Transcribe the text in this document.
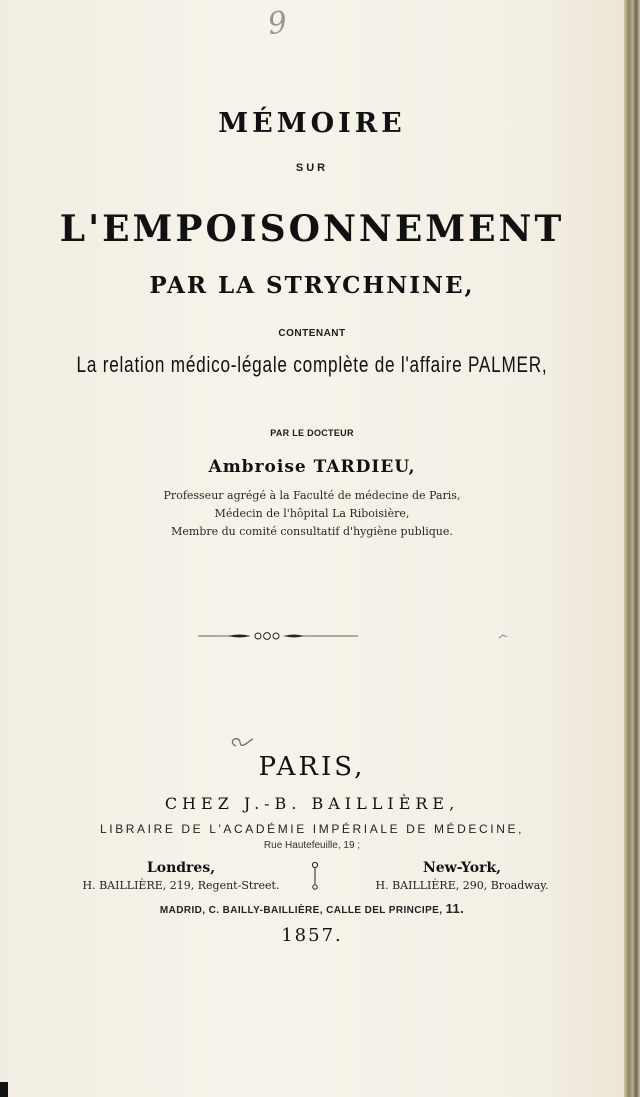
9
MÉMOIRE
SUR
L'EMPOISONNEMENT
PAR LA STRYCHNINE,
CONTENANT
La relation médico-légale complète de l'affaire PALMER,
PAR LE DOCTEUR
Ambroise TARDIEU,
Professeur agrégé à la Faculté de médecine de Paris,
Médecin de l'hôpital La Riboisière,
Membre du comité consultatif d'hygiène publique.
PARIS,
CHEZ J.-B. BAILLIÈRE,
LIBRAIRE DE L'ACADÉMIE IMPÉRIALE DE MÉDECINE,
Rue Hautefeuille, 19 ;
Londres,
H. BAILLIÈRE, 219, Regent-Street.
New-York,
H. BAILLIÈRE, 290, Broadway.
MADRID, C. BAILLY-BAILLIÈRE, CALLE DEL PRINCIPE, 11.
1857.
